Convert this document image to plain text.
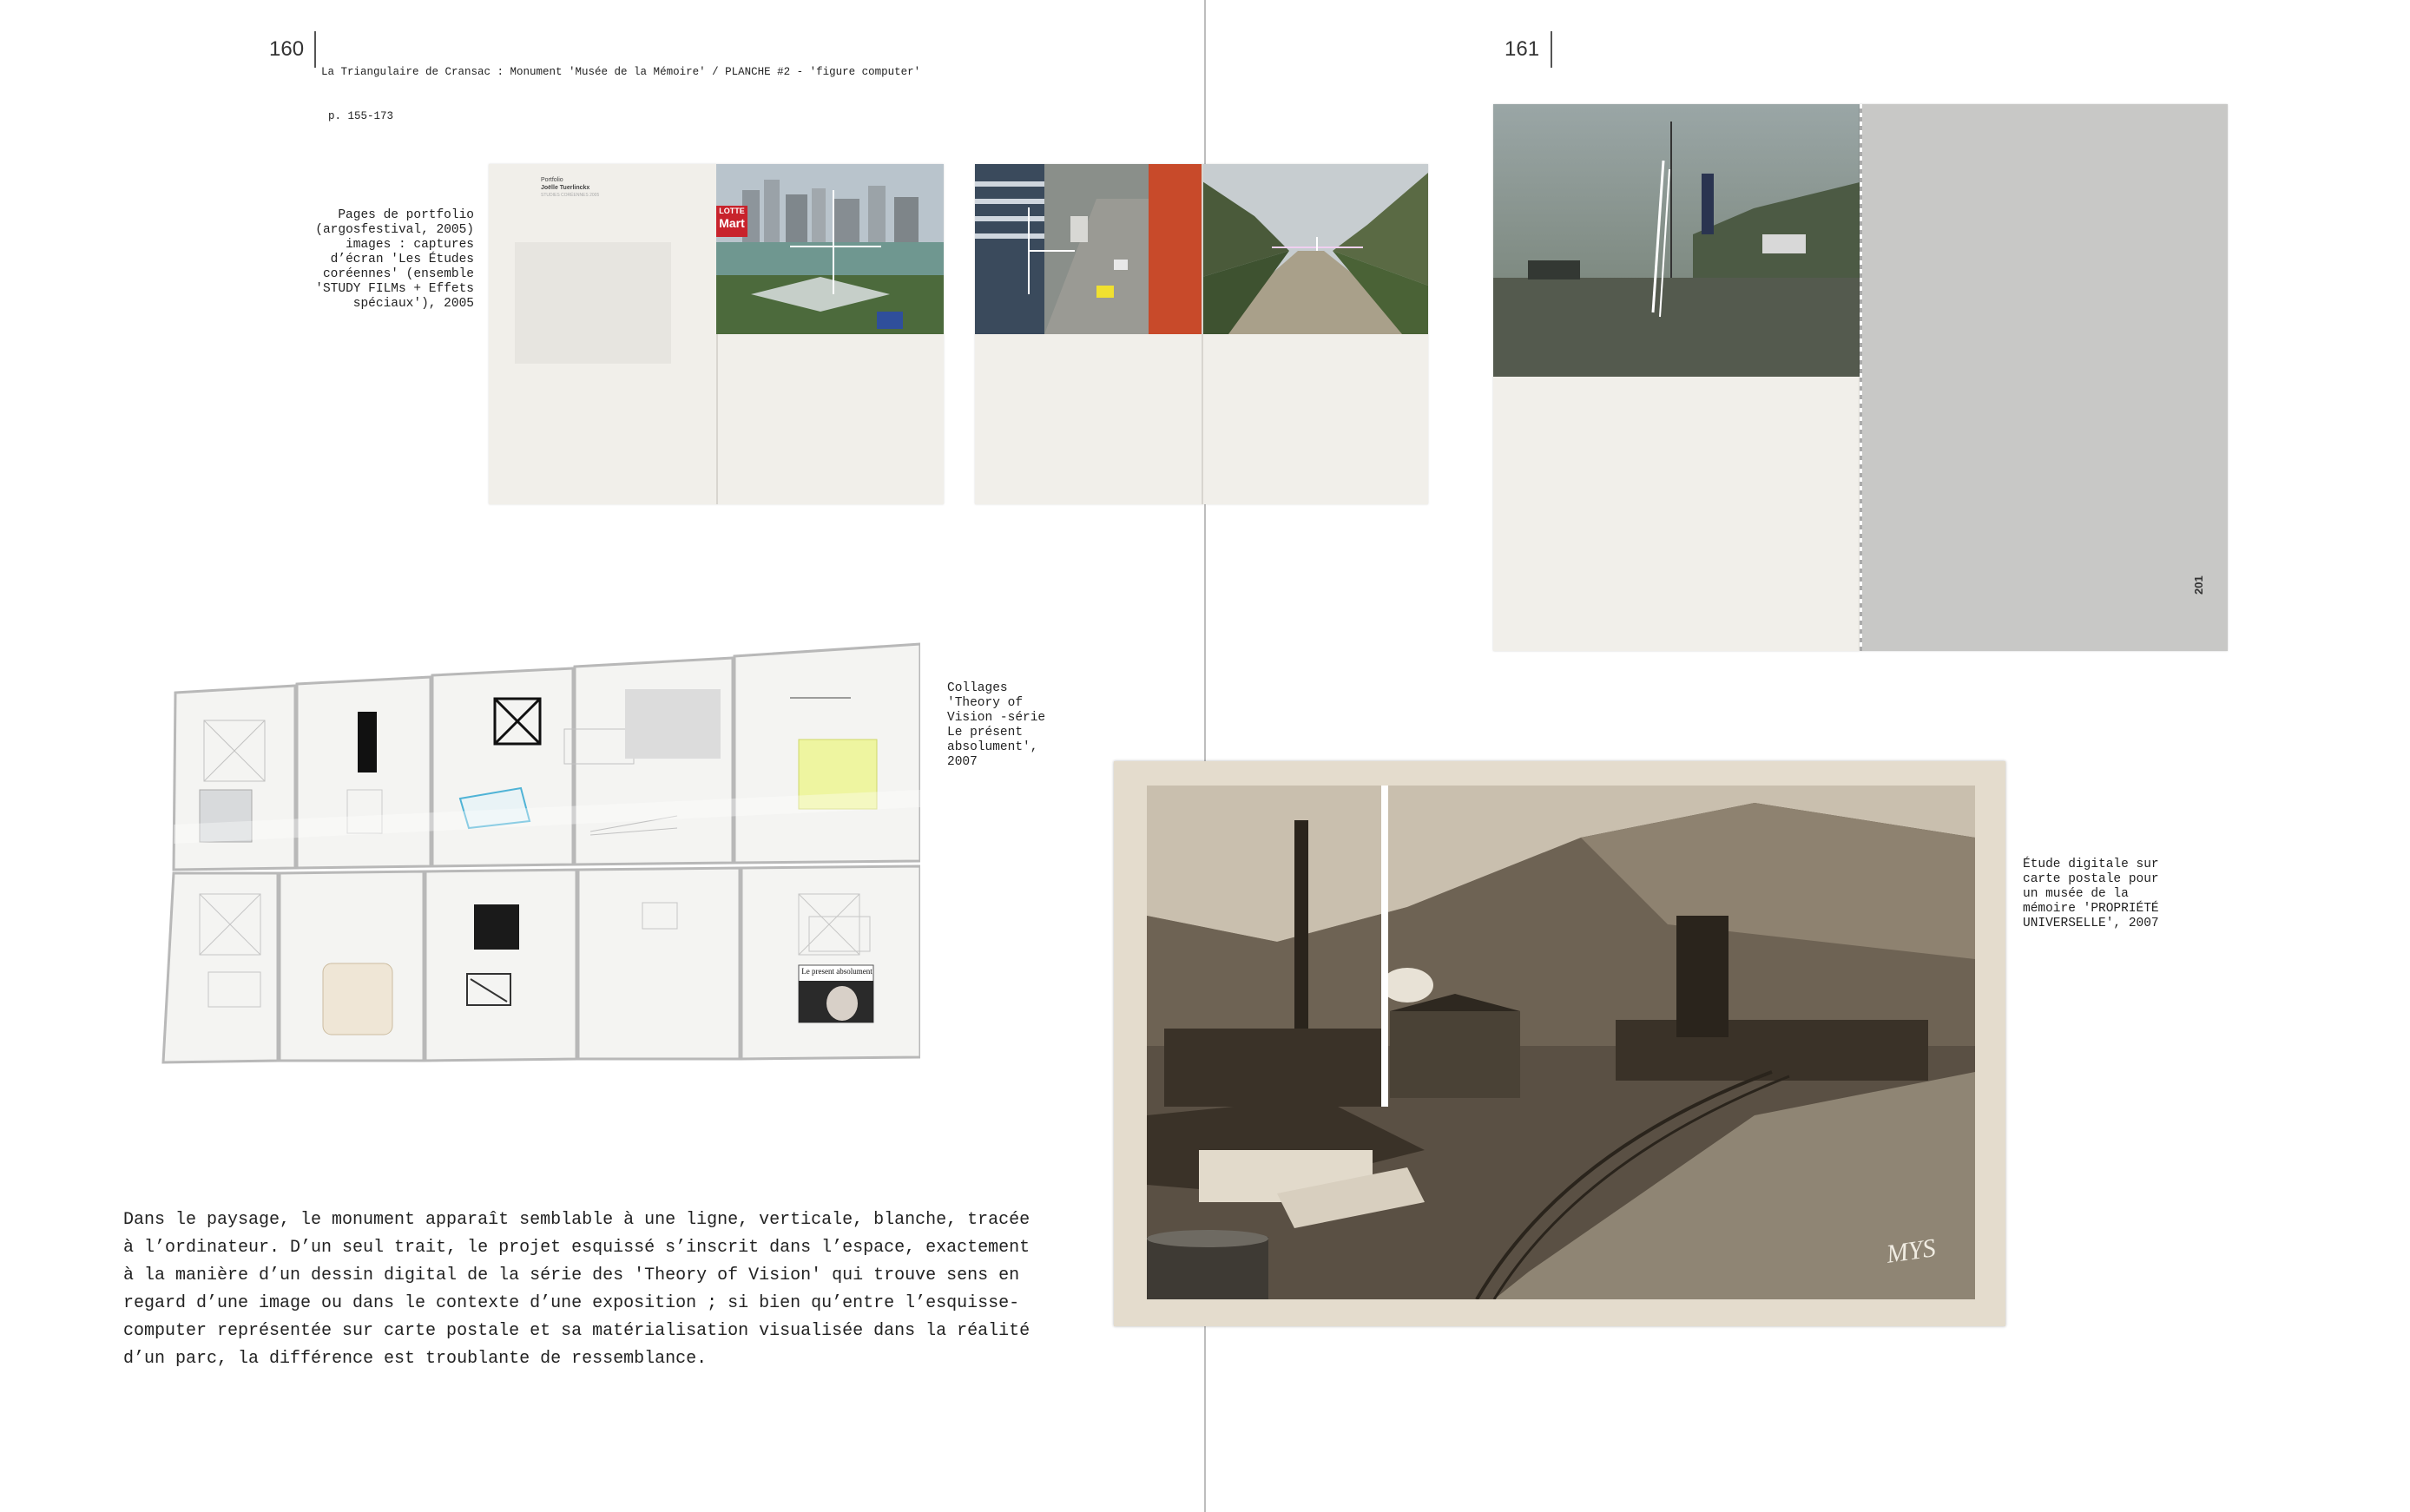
160

La Triangulaire de Cransac : Monument 'Musée de la Mémoire' / PLANCHE #2 - 'figure computer'

p. 155-173

161
Pages de portfolio
(argosfestival, 2005)
images : captures
d’écran 'Les Études
coréennes' (ensemble
'STUDY FILMs + Effets
spéciaux'), 2005
Portfolio
Joëlle Tuerlinckx
STUDIES CORÉENNES 2005
LOTTE
Mart
201
Le present absolument
Collages
'Theory of
Vision -série
Le présent
absolument',
2007
MYS
Étude digitale sur
carte postale pour
un musée de la
mémoire 'PROPRIÉTÉ
UNIVERSELLE', 2007
Dans le paysage, le monument apparaît semblable à une ligne, verticale, blanche, tracée
à l’ordinateur. D’un seul trait, le projet esquissé s’inscrit dans l’espace, exactement
à la manière d’un dessin digital de la série des 'Theory of Vision' qui trouve sens en
regard d’une image ou dans le contexte d’une exposition ; si bien qu’entre l’esquisse-
computer représentée sur carte postale et sa matérialisation visualisée dans la réalité
d’un parc, la différence est troublante de ressemblance.
